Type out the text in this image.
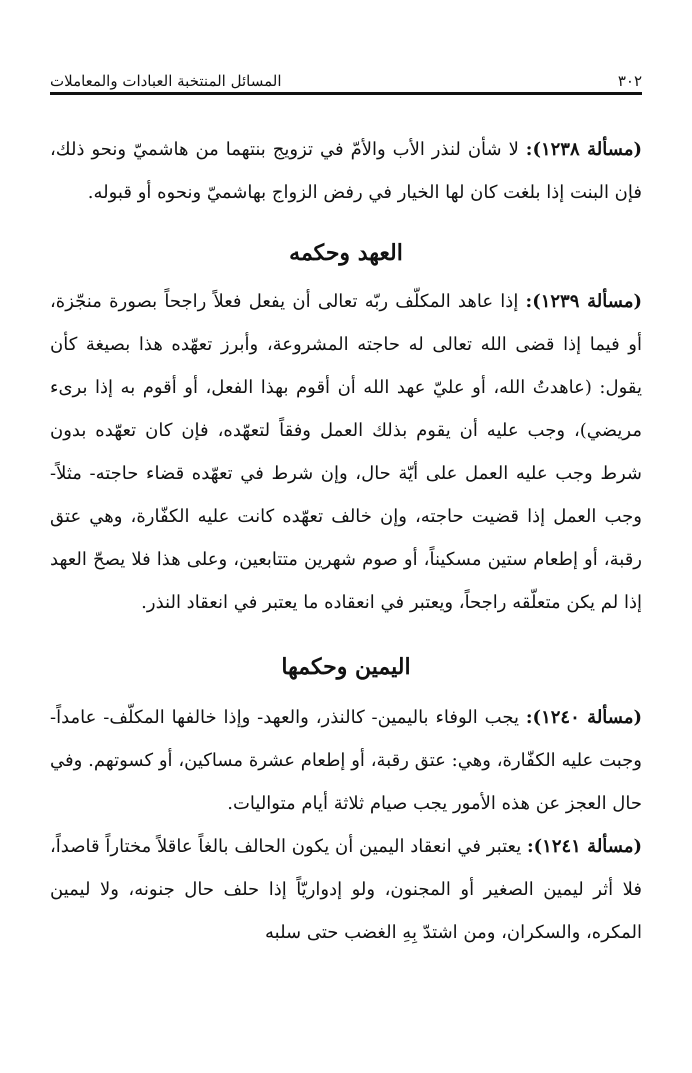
٣٠٢
المسائل المنتخبة العبادات والمعاملات

(مسألة ١٢٣٨): لا شأن لنذر الأب والأمّ في تزويج بنتهما من هاشميّ ونحو ذلك، فإن البنت إذا بلغت كان لها الخيار في رفض الزواج بهاشميّ ونحوه أو قبوله.

العهد وحكمه

(مسألة ١٢٣٩): إذا عاهد المكلّف ربّه تعالى أن يفعل فعلاً راجحاً بصورة منجّزة، أو فيما إذا قضى الله تعالى له حاجته المشروعة، وأبرز تعهّده هذا بصيغة كأن يقول: (عاهدتُ الله، أو عليّ عهد الله أن أقوم بهذا الفعل، أو أقوم به إذا برىء مريضي)، وجب عليه أن يقوم بذلك العمل وفقاً لتعهّده، فإن كان تعهّده بدون شرط وجب عليه العمل على أيّة حال، وإن شرط في تعهّده قضاء حاجته- مثلاً- وجب العمل إذا قضيت حاجته، وإن خالف تعهّده كانت عليه الكفّارة، وهي عتق رقبة، أو إطعام ستين مسكيناً، أو صوم شهرين متتابعين، وعلى هذا فلا يصحّ العهد إذا لم يكن متعلّقه راجحاً، ويعتبر في انعقاده ما يعتبر في انعقاد النذر.

اليمين وحكمها

(مسألة ١٢٤٠): يجب الوفاء باليمين- كالنذر، والعهد- وإذا خالفها المكلّف- عامداً- وجبت عليه الكفّارة، وهي: عتق رقبة، أو إطعام عشرة مساكين، أو كسوتهم. وفي حال العجز عن هذه الأمور يجب صيام ثلاثة أيام متواليات.

(مسألة ١٢٤١): يعتبر في انعقاد اليمين أن يكون الحالف بالغاً عاقلاً مختاراً قاصداً، فلا أثر ليمين الصغير أو المجنون، ولو إدواريّاً إذا حلف حال جنونه، ولا ليمين المكره، والسكران، ومن اشتدّ بِهِ الغضب حتى سلبه
